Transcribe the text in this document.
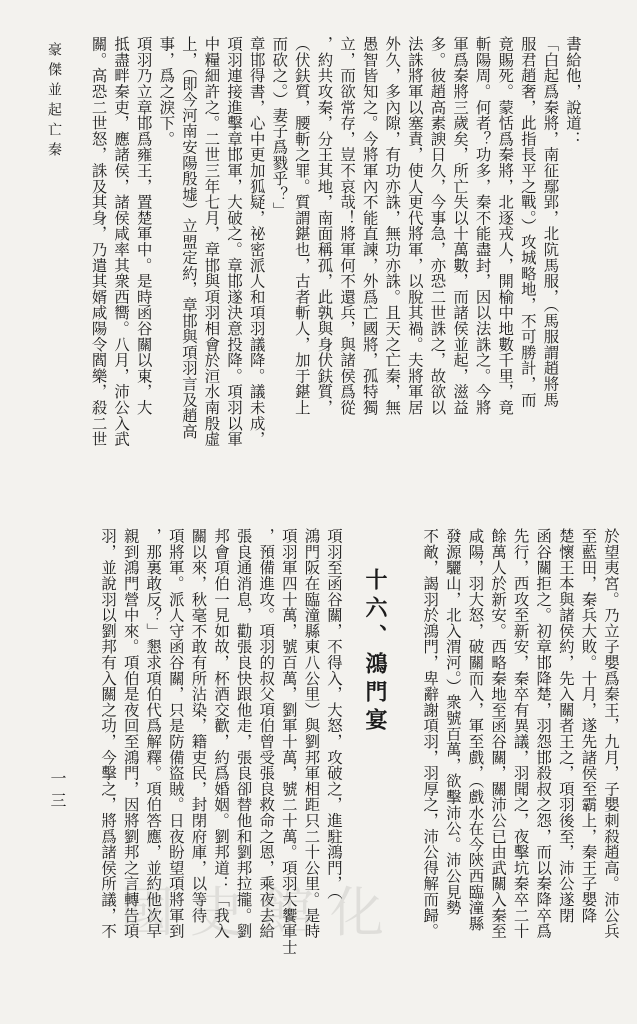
豪傑並起亡秦	書給他，說道：
「白起爲秦將，南征鄢郢，北阬馬服，（馬服謂趙將馬
服君趙奢，此指長平之戰。）攻城略地，不可勝計，而
竟賜死。蒙恬爲秦將，北逐戎人，開榆中地數千里，竟
斬陽周。何者？功多，秦不能盡封，因以法誅之。今將
軍爲秦將三歲矣，所亡失以十萬數，而諸侯並起，滋益
多。彼趙高素諛日久，今事急，亦恐二世誅之，故欲以
法誅將軍以塞責，使人更代將軍，以脫其禍。夫將軍居
外久，多內隙，有功亦誅，無功亦誅。且天之亡秦，無
愚智皆知之。今將軍內不能直諫，外爲亡國將，孤特獨
立，而欲常存，豈不哀哉！將軍何不還兵，與諸侯爲從
，約共攻秦，分王其地，南面稱孤，此孰與身伏鈇質，
（伏鈇質，腰斬之罪。質謂鍖也，古者斬人，加于鍖上
而砍之。）妻子爲戮乎？」
章邯得書，心中更加狐疑，祕密派人和項羽議降。議未成，
項羽連接進擊章邯軍，大破之。章邯遂決意投降。項羽以軍
中糧細許之。二世三年七月，章邯與項羽相會於洹水南殷虛
上，（即今河南安陽殷墟）立盟定約，章邯與項羽言及趙高
事，爲之淚下。
項羽乃立章邯爲雍王，置楚軍中。是時函谷關以東，大
抵盡畔秦吏，應諸侯，諸侯咸率其衆西嚮。八月，沛公入武
關。高恐二世怒，誅及其身，乃遣其婿咸陽令閻樂，殺二世
於望夷宮。乃立子嬰爲秦王，九月，子嬰刺殺趙高。沛公兵
至藍田，秦兵大敗。十月，遂先諸侯至霸上，秦王子嬰降
楚懷王本與諸侯約，先入關者王之，項羽後至，沛公遂閉
函谷關拒之。初章邯降楚，羽怨邯殺叔之怨，而以秦降卒爲
先行，西攻至新安，秦卒有異議，羽聞之，夜擊坑秦卒二十
餘萬人於新安。西略秦地至函谷關，關沛公已由武關入秦至
咸陽，羽大怒，破關而入，軍至戲，（戲水在今陝西臨潼縣
發源驪山，北入渭河。）衆號百萬，欲擊沛公。沛公見勢
不敵，謁羽於鴻門，卑辭謝項羽，羽厚之，沛公得解而歸。
十六、鴻門宴
項羽至函谷關，不得入，大怒，攻破之，進駐鴻門，（
鴻門阪在臨潼縣東八公里）與劉邦軍相距只二十公里。是時
項羽軍四十萬，號百萬，劉軍十萬，號二十萬。項羽大饗軍士
，預備進攻。項羽的叔父項伯曾受張良救命之恩，乘夜去給
張良通消息，勸張良快跟他走，張良卻替他和劉邦拉攏。劉
邦會項伯一見如故，杯酒交歡，約爲婚姻。劉邦道：「我入
關以來，秋毫不敢有所沾染，籍吏民，封閉府庫，以等待
項將軍。派人守函谷關，只是防備盜賊。日夜盼望項將軍到
，那裏敢反？」懇求項伯代爲解釋。項伯答應，並約他次早
親到鴻門營中來。項伯是夜回至鴻門，因將劉邦之言轉告項
羽，並說羽以劉邦有入關之功，今擊之，將爲諸侯所議，不
一三
國史館化
